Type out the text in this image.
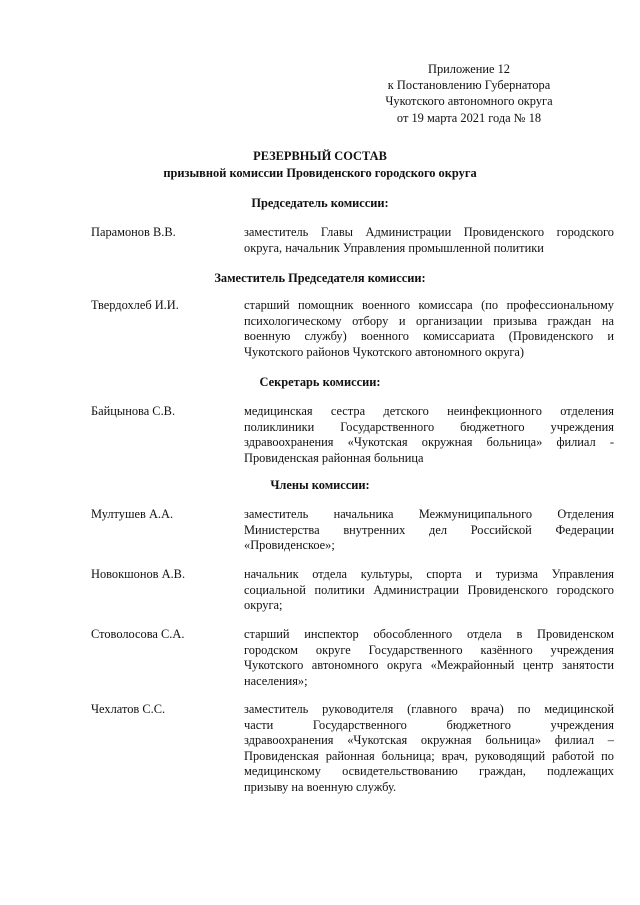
Приложение 12
к Постановлению Губернатора
Чукотского автономного округа
от 19 марта 2021 года № 18
РЕЗЕРВНЫЙ СОСТАВ
призывной комиссии Провиденского городского округа
Председатель комиссии:
Парамонов В.В.	заместитель Главы Администрации Провиденского городского
округа, начальник Управления промышленной политики
Заместитель Председателя комиссии:
Твердохлеб И.И.	старший помощник военного комиссара (по профессиональному
психологическому отбору и организации призыва граждан на
военную службу) военного комиссариата (Провиденского и
Чукотского районов Чукотского автономного округа)
Секретарь комиссии:
Байцынова С.В.	медицинская сестра детского неинфекционного отделения
поликлиники Государственного бюджетного учреждения
здравоохранения «Чукотская окружная больница» филиал -
Провиденская районная больница
Члены комиссии:
Мултушев А.А.	заместитель начальника Межмуниципального Отделения
Министерства внутренних дел Российской Федерации
«Провиденское»;
Новокшонов А.В.	начальник отдела культуры, спорта и туризма Управления
социальной политики Администрации Провиденского городского
округа;
Стоволосова С.А.	старший инспектор обособленного отдела в Провиденском
городском округе Государственного казённого учреждения
Чукотского автономного округа «Межрайонный центр занятости
населения»;
Чехлатов С.С.	заместитель руководителя (главного врача) по медицинской
части Государственного бюджетного учреждения
здравоохранения «Чукотская окружная больница» филиал –
Провиденская районная больница; врач, руководящий работой по
медицинскому освидетельствованию граждан, подлежащих
призыву на военную службу.
